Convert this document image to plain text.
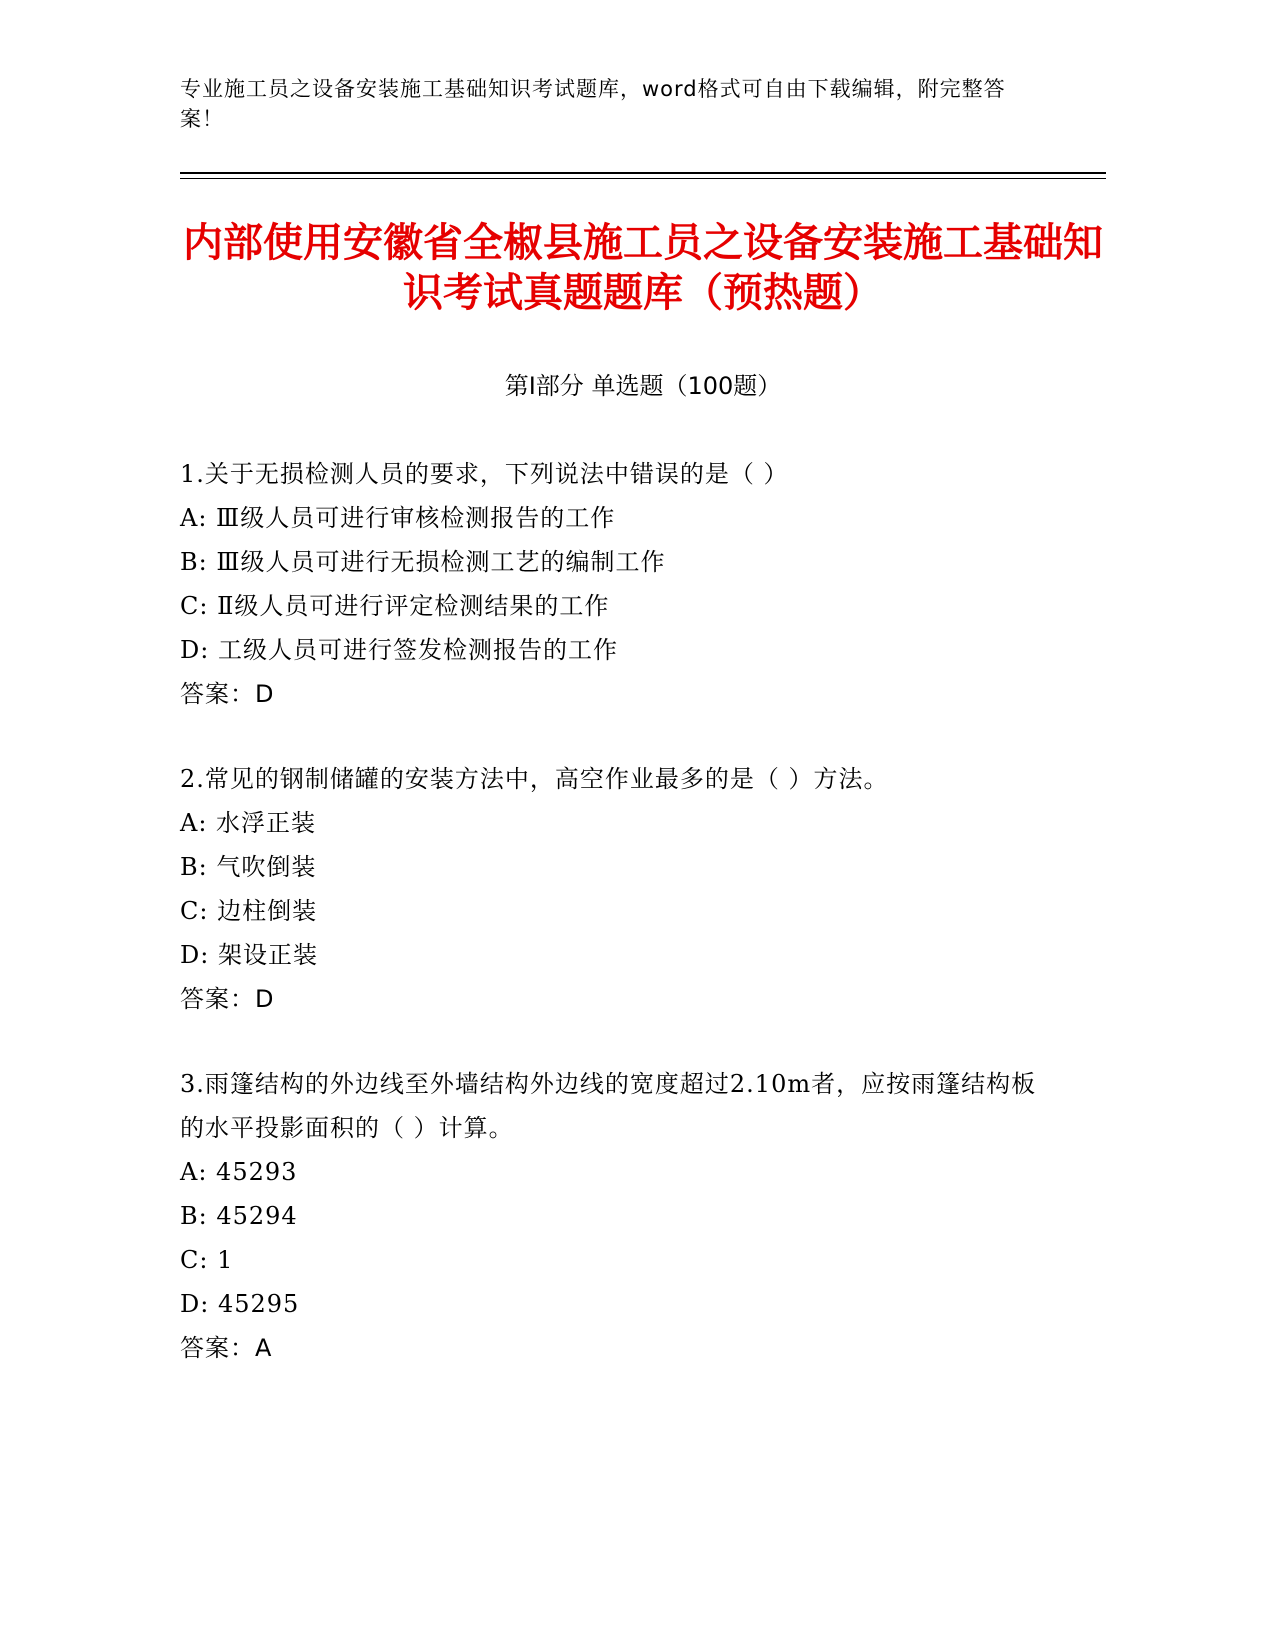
专业施工员之设备安装施工基础知识考试题库，word格式可自由下载编辑，附完整答案！
内部使用安徽省全椒县施工员之设备安装施工基础知识考试真题题库（预热题）
第Ⅰ部分 单选题（100题）
1.关于无损检测人员的要求，下列说法中错误的是（ ）
A: Ⅲ级人员可进行审核检测报告的工作
B: Ⅲ级人员可进行无损检测工艺的编制工作
C: Ⅱ级人员可进行评定检测结果的工作
D: 工级人员可进行签发检测报告的工作
答案：D
2.常见的钢制储罐的安装方法中，高空作业最多的是（ ）方法。
A: 水浮正装
B: 气吹倒装
C: 边柱倒装
D: 架设正装
答案：D
3.雨篷结构的外边线至外墙结构外边线的宽度超过2.10m者，应按雨篷结构板的水平投影面积的（ ）计算。
A: 45293
B: 45294
C: 1
D: 45295
答案：A
